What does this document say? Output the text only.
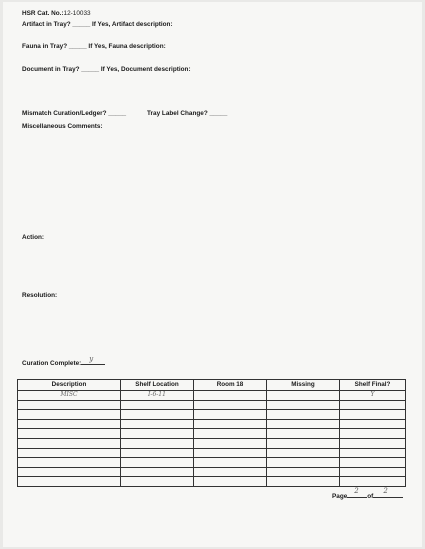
HSR Cat. No.:12-10033
Artifact in Tray? _____ If Yes, Artifact description:
Fauna in Tray? _____ If Yes, Fauna description:
Document in Tray? _____ If Yes, Document description:
Mismatch Curation/Ledger? _____	Tray Label Change? _____
Miscellaneous Comments:
Action:
Resolution:
Curation Complete:
y
Description	Shelf Location	Room 18	Missing	Shelf Final?
MISC	I-6-11			Y

Page
2
of
2
